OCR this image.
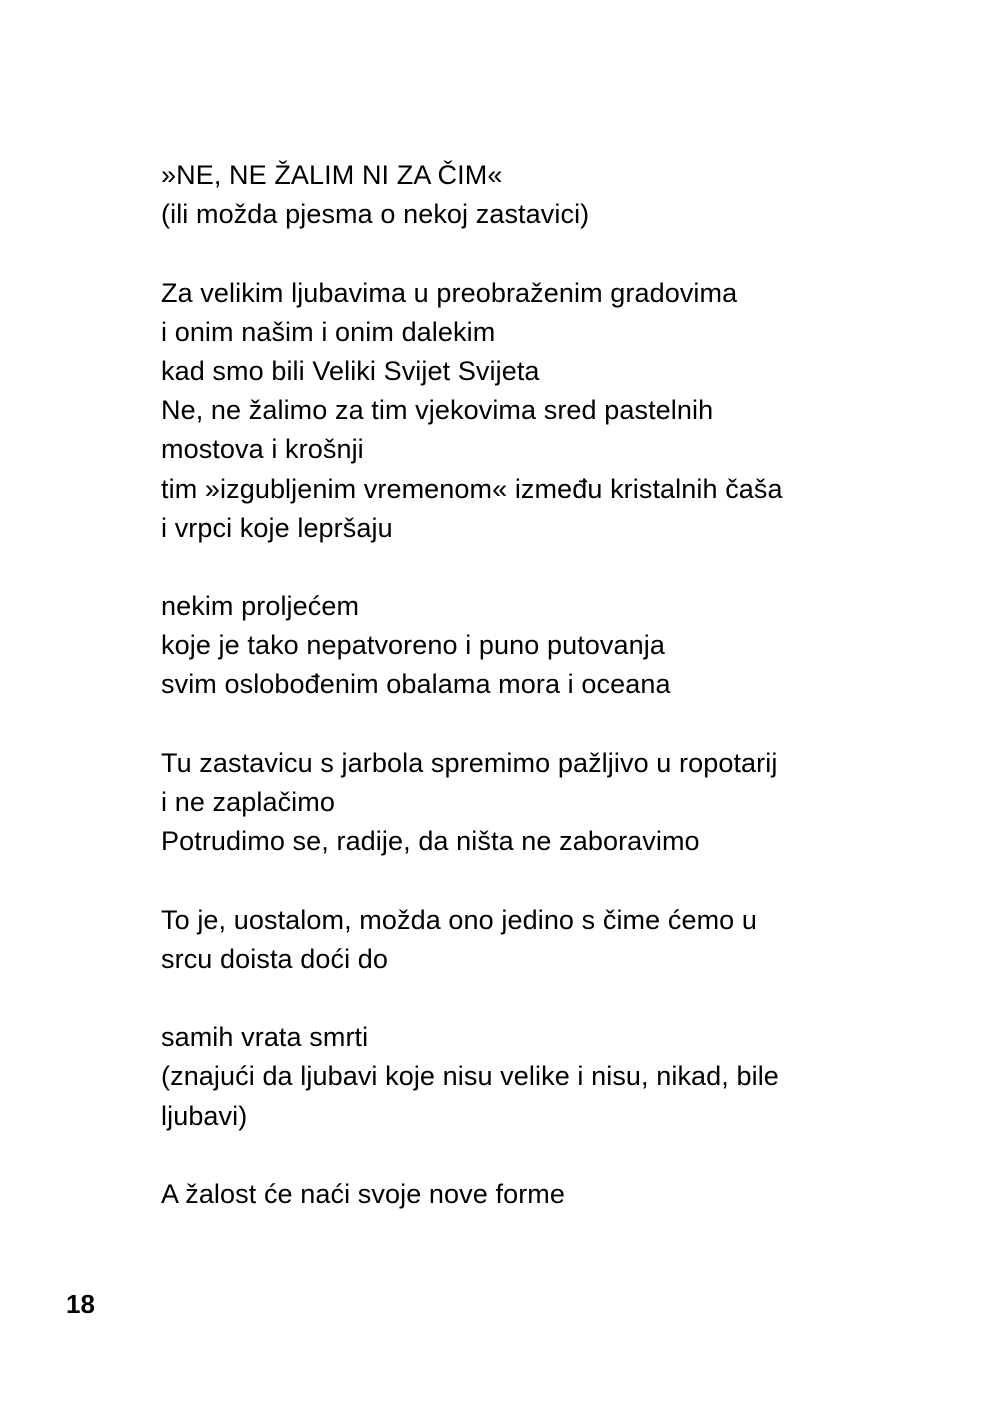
»NE, NE ŽALIM NI ZA ČIM«
(ili možda pjesma o nekoj zastavici)
Za velikim ljubavima u preobraženim gradovima
i onim našim i onim dalekim
kad smo bili Veliki Svijet Svijeta
Ne, ne žalimo za tim vjekovima sred pastelnih
mostova i krošnji
tim »izgubljenim vremenom« između kristalnih čaša
i vrpci koje lepršaju
nekim proljećem
koje je tako nepatvoreno i puno putovanja
svim oslobođenim obalama mora i oceana
Tu zastavicu s jarbola spremimo pažljivo u ropotarij
i ne zaplačimo
Potrudimo se, radije, da ništa ne zaboravimo
To je, uostalom, možda ono jedino s čime ćemo u
srcu doista doći do
samih vrata smrti
(znajući da ljubavi koje nisu velike i nisu, nikad, bile
ljubavi)
A žalost će naći svoje nove forme
18
